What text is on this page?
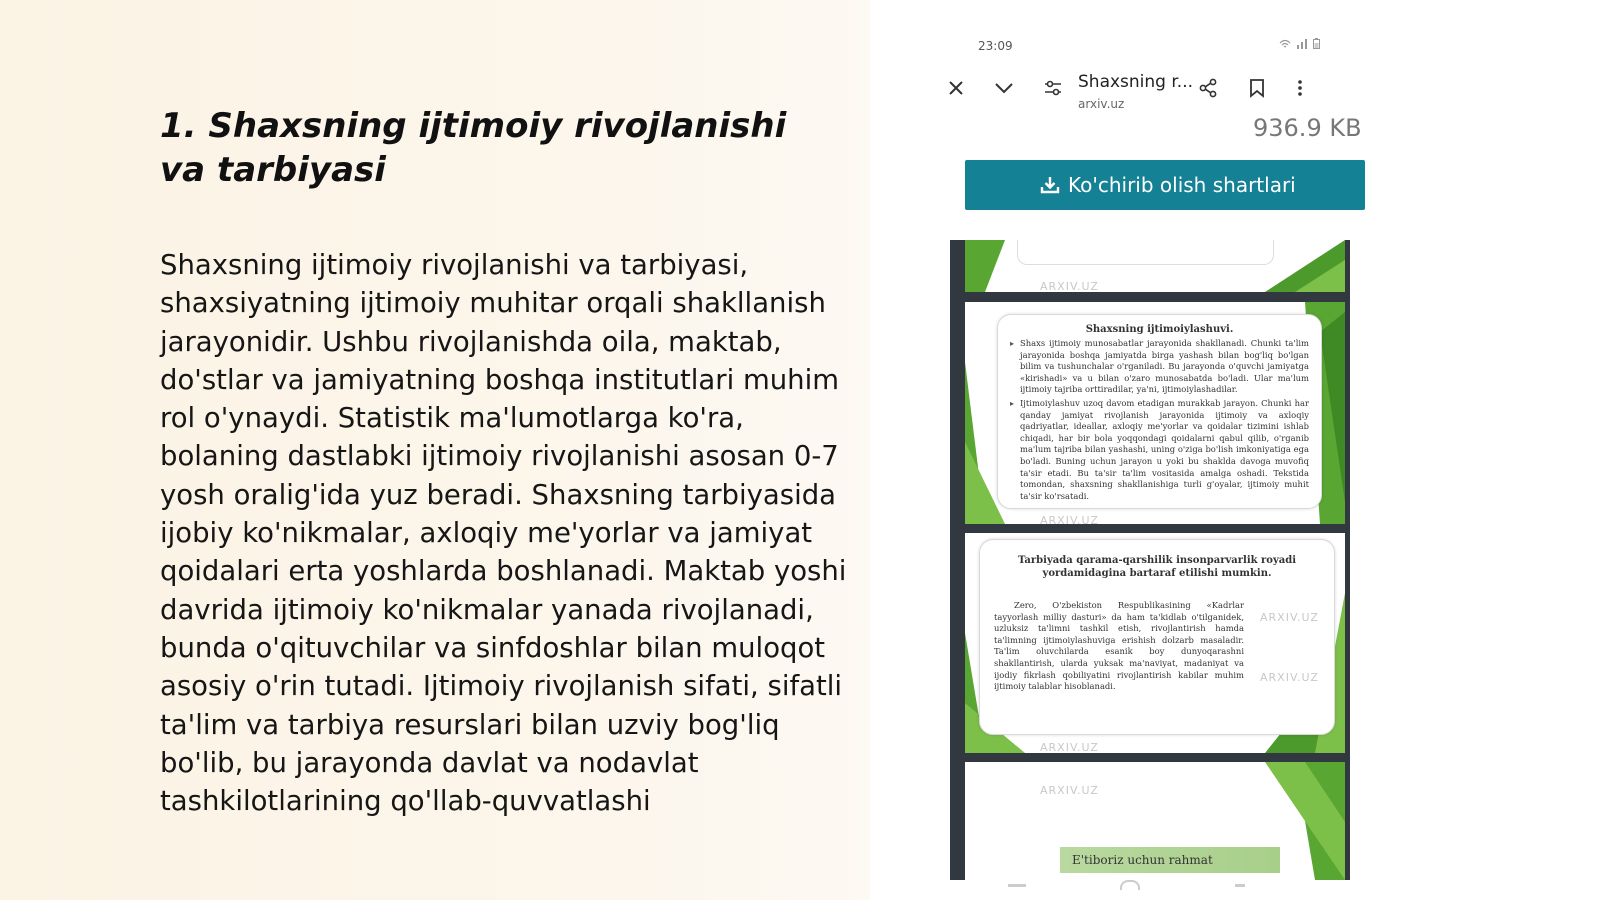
1. Shaxsning ijtimoiy rivojlanishi va tarbiyasi

Shaxsning ijtimoiy rivojlanishi va tarbiyasi, shaxsiyatning ijtimoiy muhitar orqali shakllanish jarayonidir. Ushbu rivojlanishda oila, maktab, do'stlar va jamiyatning boshqa institutlari muhim rol o'ynaydi. Statistik ma'lumotlarga ko'ra, bolaning dastlabki ijtimoiy rivojlanishi asosan 0-7 yosh oralig'ida yuz beradi. Shaxsning tarbiyasida ijobiy ko'nikmalar, axloqiy me'yorlar va jamiyat qoidalari erta yoshlarda boshlanadi. Maktab yoshi davrida ijtimoiy ko'nikmalar yanada rivojlanadi, bunda o'qituvchilar va sinfdoshlar bilan muloqot asosiy o'rin tutadi. Ijtimoiy rivojlanish sifati, sifatli ta'lim va tarbiya resurslari bilan uzviy bog'liq bo'lib, bu jarayonda davlat va nodavlat tashkilotlarining qo'llab-quvvatlashi

23:09

Shaxsning r...
arxiv.uz
936.9 KB
Ko'chirib olish shartlari
ARXIV.UZ

Shaxsning ijtimoiylashuvi.

▸ Shaxs ijtimoiy munosabatlar jarayonida shakllanadi. Chunki ta'lim jarayonida boshqa jamiyatda birga yashash bilan bog'liq bo'lgan bilim va tushunchalar o'rganiladi. Bu jarayonda o'quvchi jamiyatga «kirishadi» va u bilan o'zaro munosabatda bo'ladi. Ular ma'lum ijtimoiy tajriba orttiradilar, ya'ni, ijtimoiylashadilar.

▸ Ijtimoiylashuv uzoq davom etadigan murakkab jarayon. Chunki har qanday jamiyat rivojlanish jarayonida ijtimoiy va axloqiy qadriyatlar, ideallar, axloqiy me'yorlar va qoidalar tizimini ishlab chiqadi, har bir bola yoqqondagi qoidalarni qabul qilib, o'rganib ma'lum tajriba bilan yashashi, uning o'ziga bo'lish imkoniyatiga ega bo'ladi. Buning uchun jarayon u yoki bu shaklda davoga muvofiq ta'sir etadi. Bu ta'sir ta'lim vositasida amalga oshadi. Tekstida tomondan, shaxsning shakllanishiga turli g'oyalar, ijtimoiy muhit ta'sir ko'rsatadi.

ARXIV.UZ

Tarbiyada qarama-qarshilik insonparvarlik royadi yordamidagina bartaraf etilishi mumkin.

Zero, O'zbekiston Respublikasining «Kadrlar tayyorlash milliy dasturi» da ham ta'kidlab o'tilganidek, uzluksiz ta'limni tashkil etish, rivojlantirish hamda ta'limning ijtimoiylashuviga erishish dolzarb masaladir. Ta'lim oluvchilarda esanik boy dunyoqarashni shakllantirish, ularda yuksak ma'naviyat, madaniyat va ijodiy fikrlash qobiliyatini rivojlantirish kabilar muhim ijtimoiy talablar hisoblanadi.

ARXIV.UZ
ARXIV.UZ
ARXIV.UZ
ARXIV.UZ
E'tiboriz uchun rahmat
